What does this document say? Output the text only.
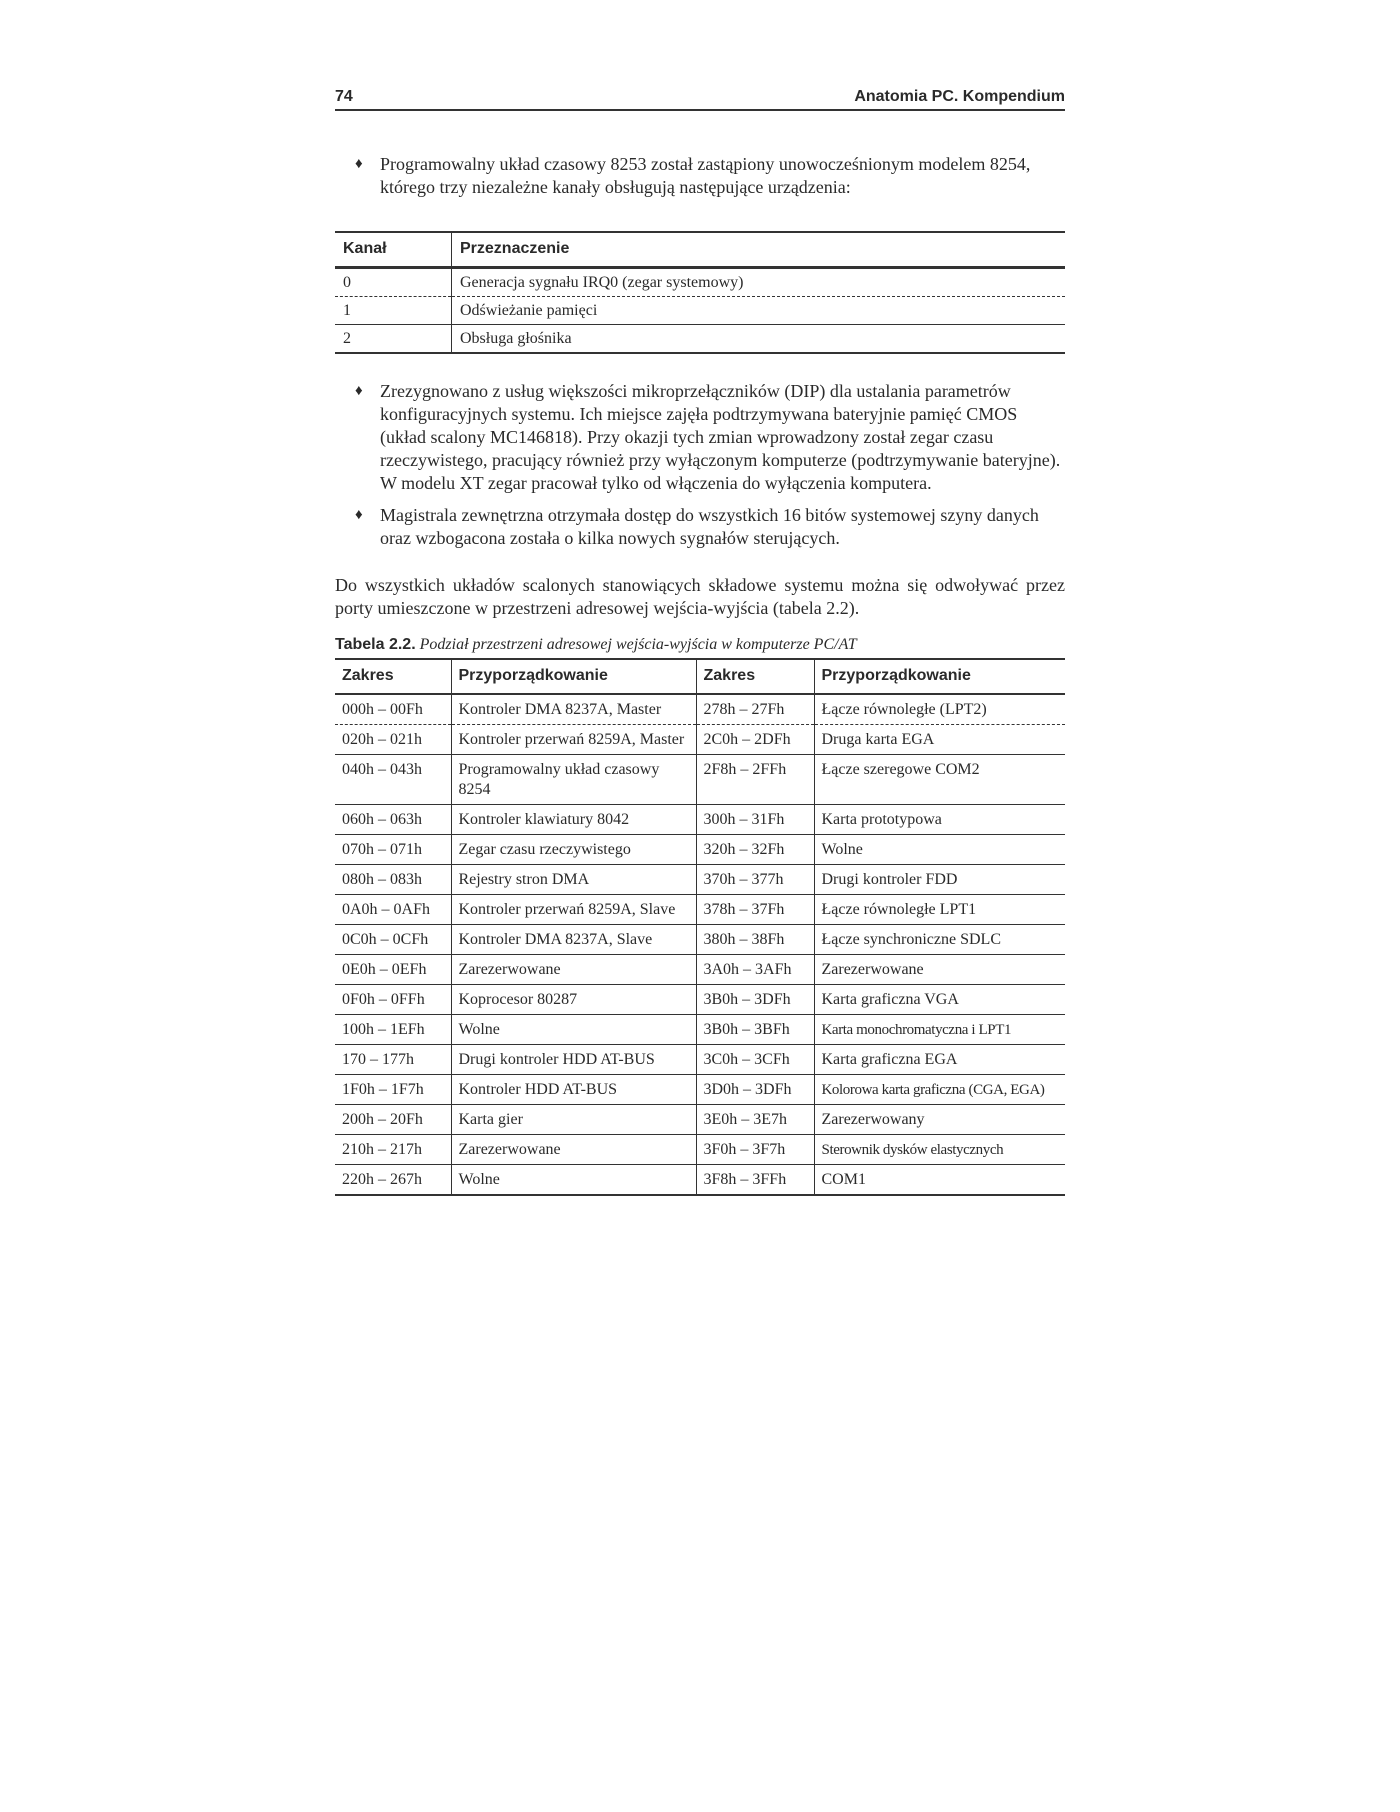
74	Anatomia PC. Kompendium
♦ Programowalny układ czasowy 8253 został zastąpiony unowocześnionym modelem 8254, którego trzy niezależne kanały obsługują następujące urządzenia:
Kanał	Przeznaczenie
0	Generacja sygnału IRQ0 (zegar systemowy)
1	Odświeżanie pamięci
2	Obsługa głośnika
♦ Zrezygnowano z usług większości mikroprzełączników (DIP) dla ustalania parametrów konfiguracyjnych systemu. Ich miejsce zajęła podtrzymywana bateryjnie pamięć CMOS (układ scalony MC146818). Przy okazji tych zmian wprowadzony został zegar czasu rzeczywistego, pracujący również przy wyłączonym komputerze (podtrzymywanie bateryjne). W modelu XT zegar pracował tylko od włączenia do wyłączenia komputera.
♦ Magistrala zewnętrzna otrzymała dostęp do wszystkich 16 bitów systemowej szyny danych oraz wzbogacona została o kilka nowych sygnałów sterujących.
Do wszystkich układów scalonych stanowiących składowe systemu można się odwoływać przez porty umieszczone w przestrzeni adresowej wejścia-wyjścia (tabela 2.2).
Tabela 2.2. Podział przestrzeni adresowej wejścia-wyjścia w komputerze PC/AT
Zakres	Przyporządkowanie	Zakres	Przyporządkowanie
000h – 00Fh	Kontroler DMA 8237A, Master	278h – 27Fh	Łącze równoległe (LPT2)
020h – 021h	Kontroler przerwań 8259A, Master	2C0h – 2DFh	Druga karta EGA
040h – 043h	Programowalny układ czasowy 8254	2F8h – 2FFh	Łącze szeregowe COM2
060h – 063h	Kontroler klawiatury 8042	300h – 31Fh	Karta prototypowa
070h – 071h	Zegar czasu rzeczywistego	320h – 32Fh	Wolne
080h – 083h	Rejestry stron DMA	370h – 377h	Drugi kontroler FDD
0A0h – 0AFh	Kontroler przerwań 8259A, Slave	378h – 37Fh	Łącze równoległe LPT1
0C0h – 0CFh	Kontroler DMA 8237A, Slave	380h – 38Fh	Łącze synchroniczne SDLC
0E0h – 0EFh	Zarezerwowane	3A0h – 3AFh	Zarezerwowane
0F0h – 0FFh	Koprocesor 80287	3B0h – 3DFh	Karta graficzna VGA
100h – 1EFh	Wolne	3B0h – 3BFh	Karta monochromatyczna i LPT1
170 – 177h	Drugi kontroler HDD AT-BUS	3C0h – 3CFh	Karta graficzna EGA
1F0h – 1F7h	Kontroler HDD AT-BUS	3D0h – 3DFh	Kolorowa karta graficzna (CGA, EGA)
200h – 20Fh	Karta gier	3E0h – 3E7h	Zarezerwowany
210h – 217h	Zarezerwowane	3F0h – 3F7h	Sterownik dysków elastycznych
220h – 267h	Wolne	3F8h – 3FFh	COM1
